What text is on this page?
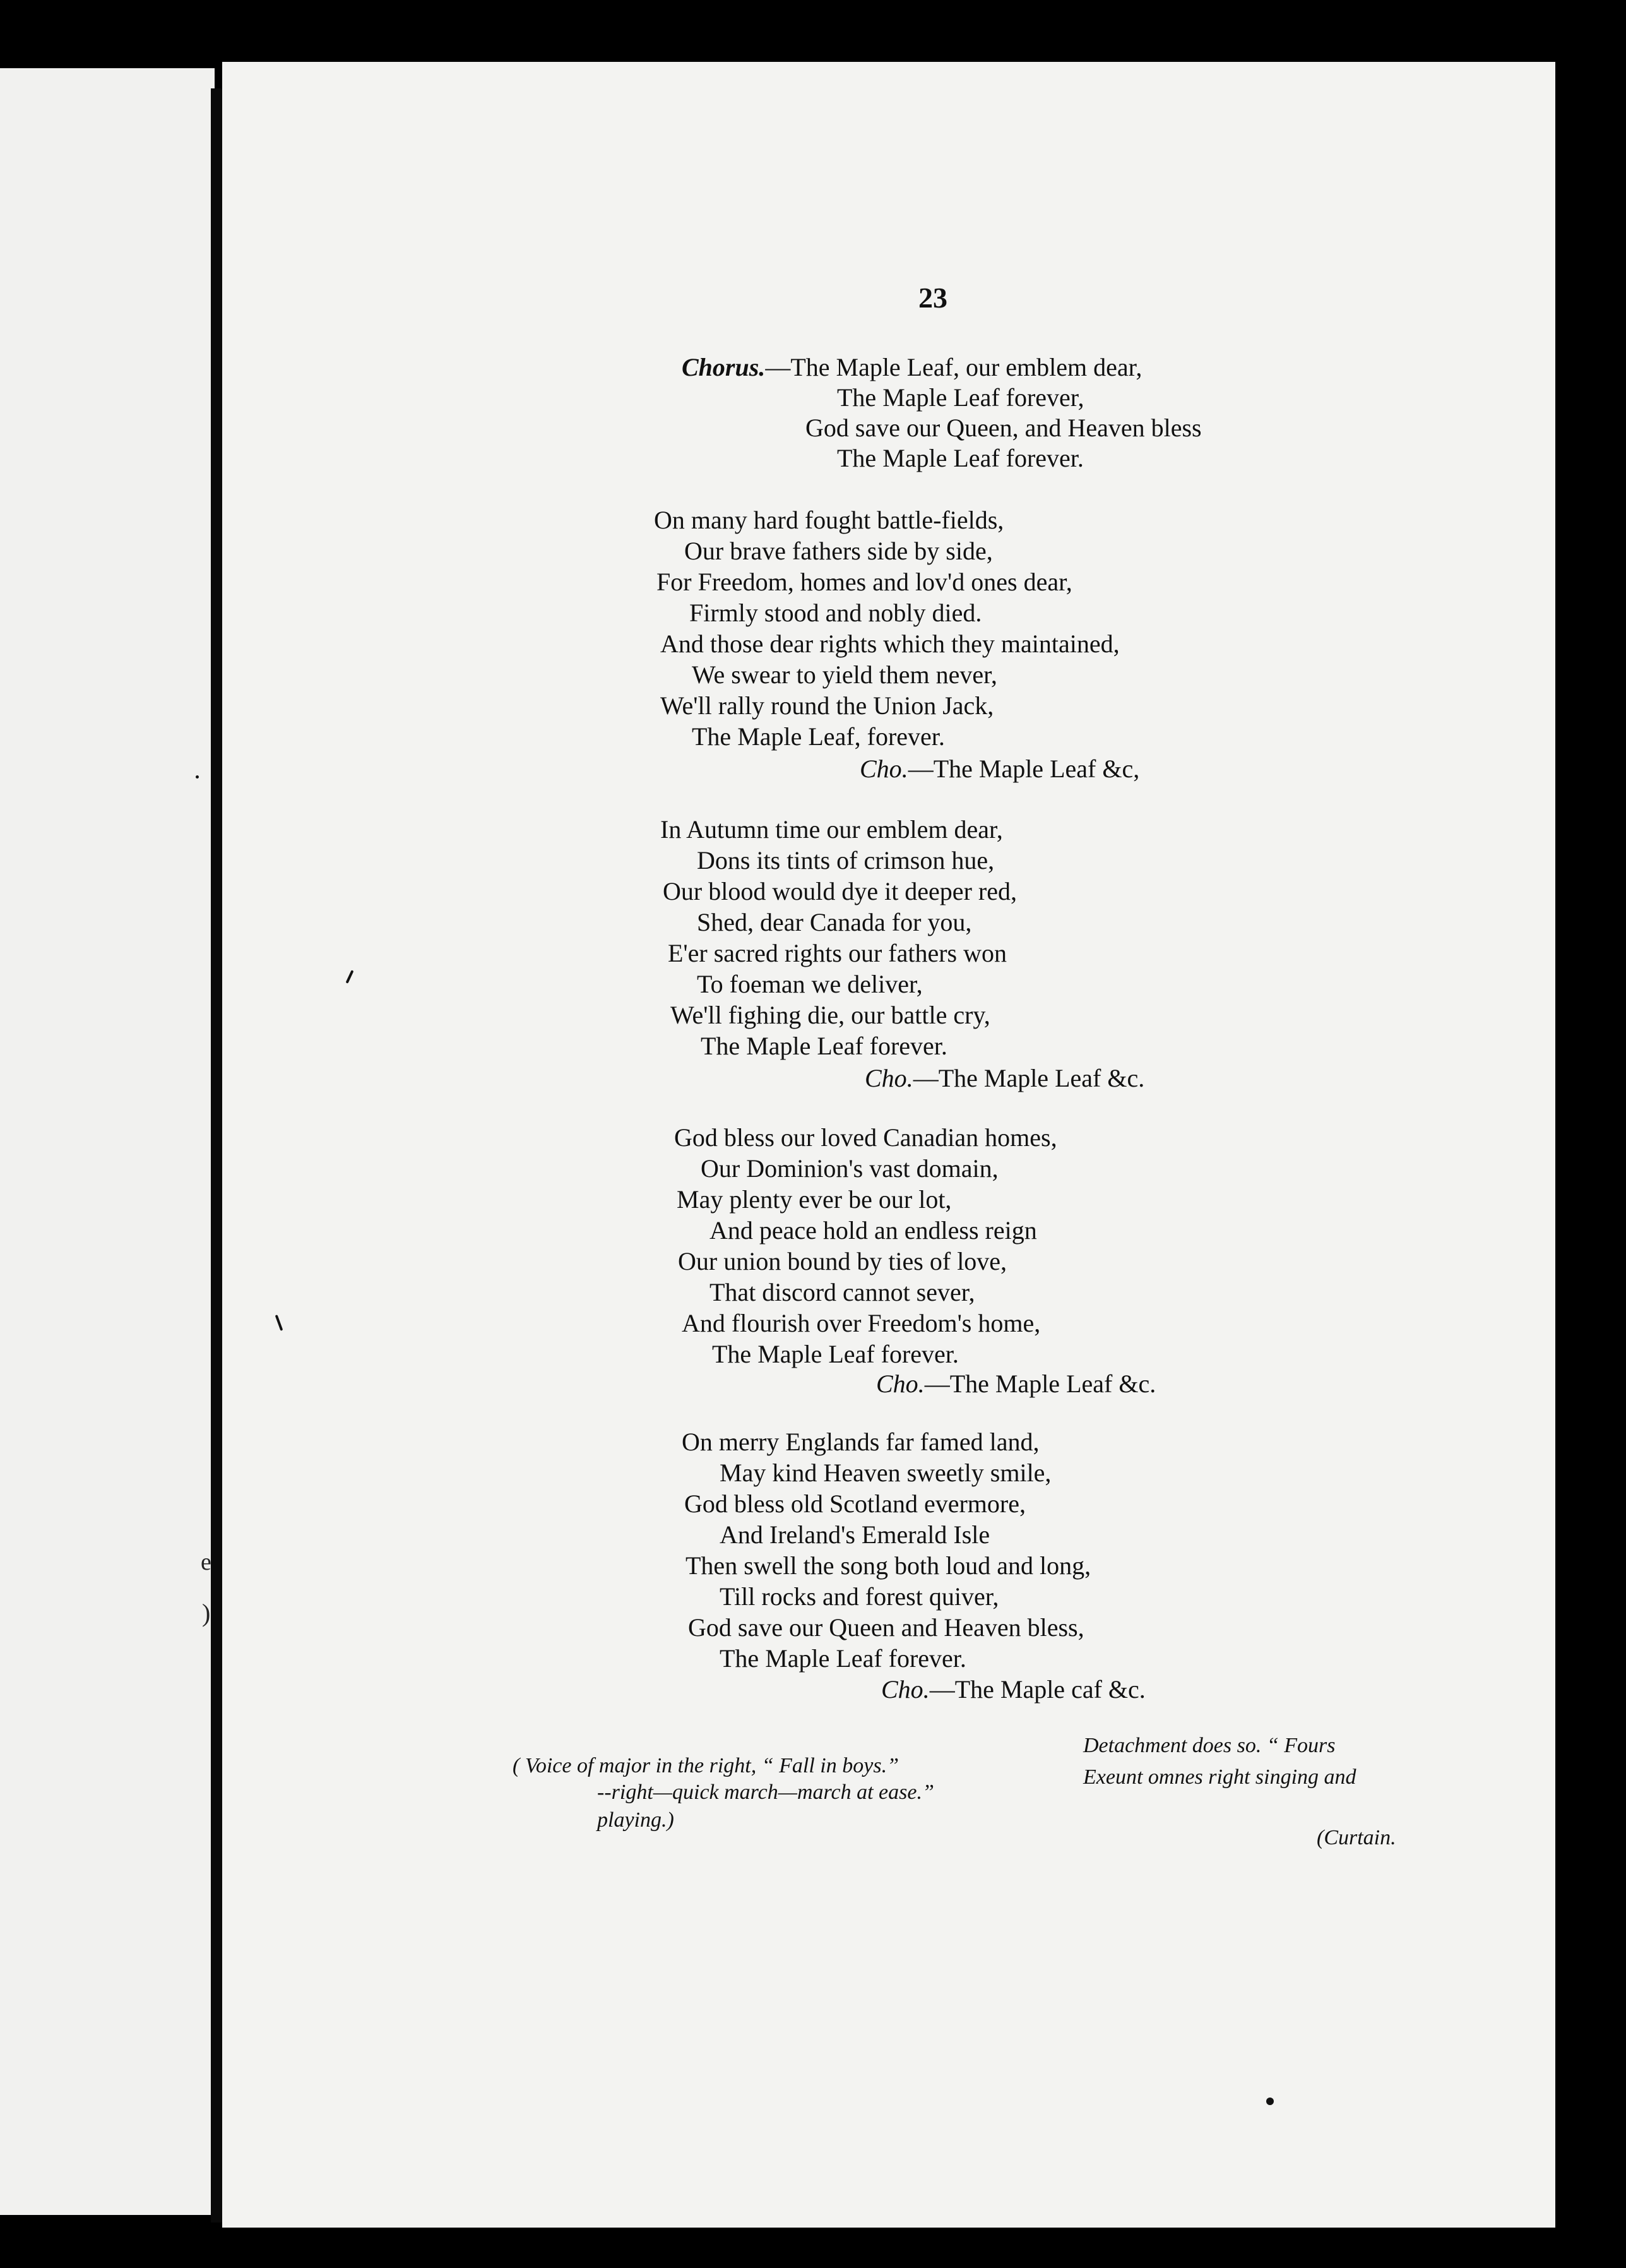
e
)
23
Chorus.—The Maple Leaf, our emblem dear,
The Maple Leaf forever,
God save our Queen, and Heaven bless
The Maple Leaf forever.
On many hard fought battle-fields,
Our brave fathers side by side,
For Freedom, homes and lov'd ones dear,
Firmly stood and nobly died.
And those dear rights which they maintained,
We swear to yield them never,
We'll rally round the Union Jack,
The Maple Leaf, forever.
Cho.—The Maple Leaf &c,
In Autumn time our emblem dear,
Dons its tints of crimson hue,
Our blood would dye it deeper red,
Shed, dear Canada for you,
E'er sacred rights our fathers won
To foeman we deliver,
We'll fighing die, our battle cry,
The Maple Leaf forever.
Cho.—The Maple Leaf &c.
God bless our loved Canadian homes,
Our Dominion's vast domain,
May plenty ever be our lot,
And peace hold an endless reign
Our union bound by ties of love,
That discord cannot sever,
And flourish over Freedom's home,
The Maple Leaf forever.
Cho.—The Maple Leaf &c.
On merry Englands far famed land,
May kind Heaven sweetly smile,
God bless old Scotland evermore,
And Ireland's Emerald Isle
Then swell the song both loud and long,
Till rocks and forest quiver,
God save our Queen and Heaven bless,
The Maple Leaf forever.
Cho.—The Maple caf &c.
( Voice of major in the right, “ Fall in boys.”
Detachment does so. “ Fours
--right—quick march—march at ease.”
Exeunt omnes right singing and
playing.)
(Curtain.
